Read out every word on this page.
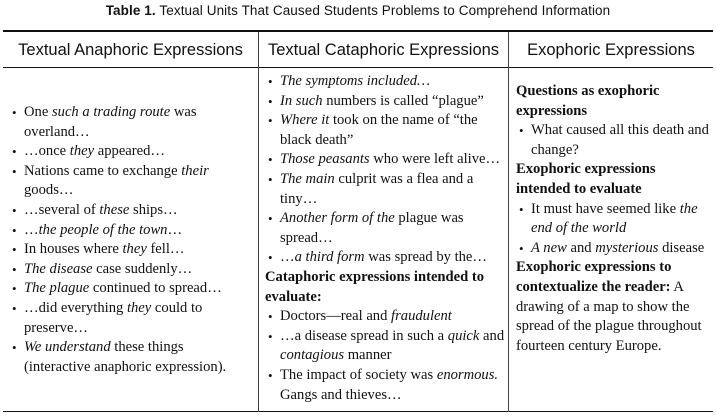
Table 1. Textual Units That Caused Students Problems to Comprehend Information
Textual Anaphoric Expressions	Textual Cataphoric Expressions	Exophoric Expressions
• One such a trading route was overland…
• …once they appeared…
• Nations came to exchange their goods…
• …several of these ships…
• …the people of the town…
• In houses where they fell…
• The disease case suddenly…
• The plague continued to spread…
• …did everything they could to preserve…
• We understand these things (interactive anaphoric expression).
• The symptoms included…
• In such numbers is called “plague”
• Where it took on the name of “the black death”
• Those peasants who were left alive…
• The main culprit was a flea and a tiny…
• Another form of the plague was spread…
• …a third form was spread by the…
Cataphoric expressions intended to evaluate:
• Doctors—real and fraudulent
• …a disease spread in such a quick and contagious manner
• The impact of society was enormous. Gangs and thieves…
Questions as exophoric expressions
• What caused all this death and change?
Exophoric expressions intended to evaluate
• It must have seemed like the end of the world
• A new and mysterious disease
Exophoric expressions to contextualize the reader: A drawing of a map to show the spread of the plague throughout fourteen century Europe.
